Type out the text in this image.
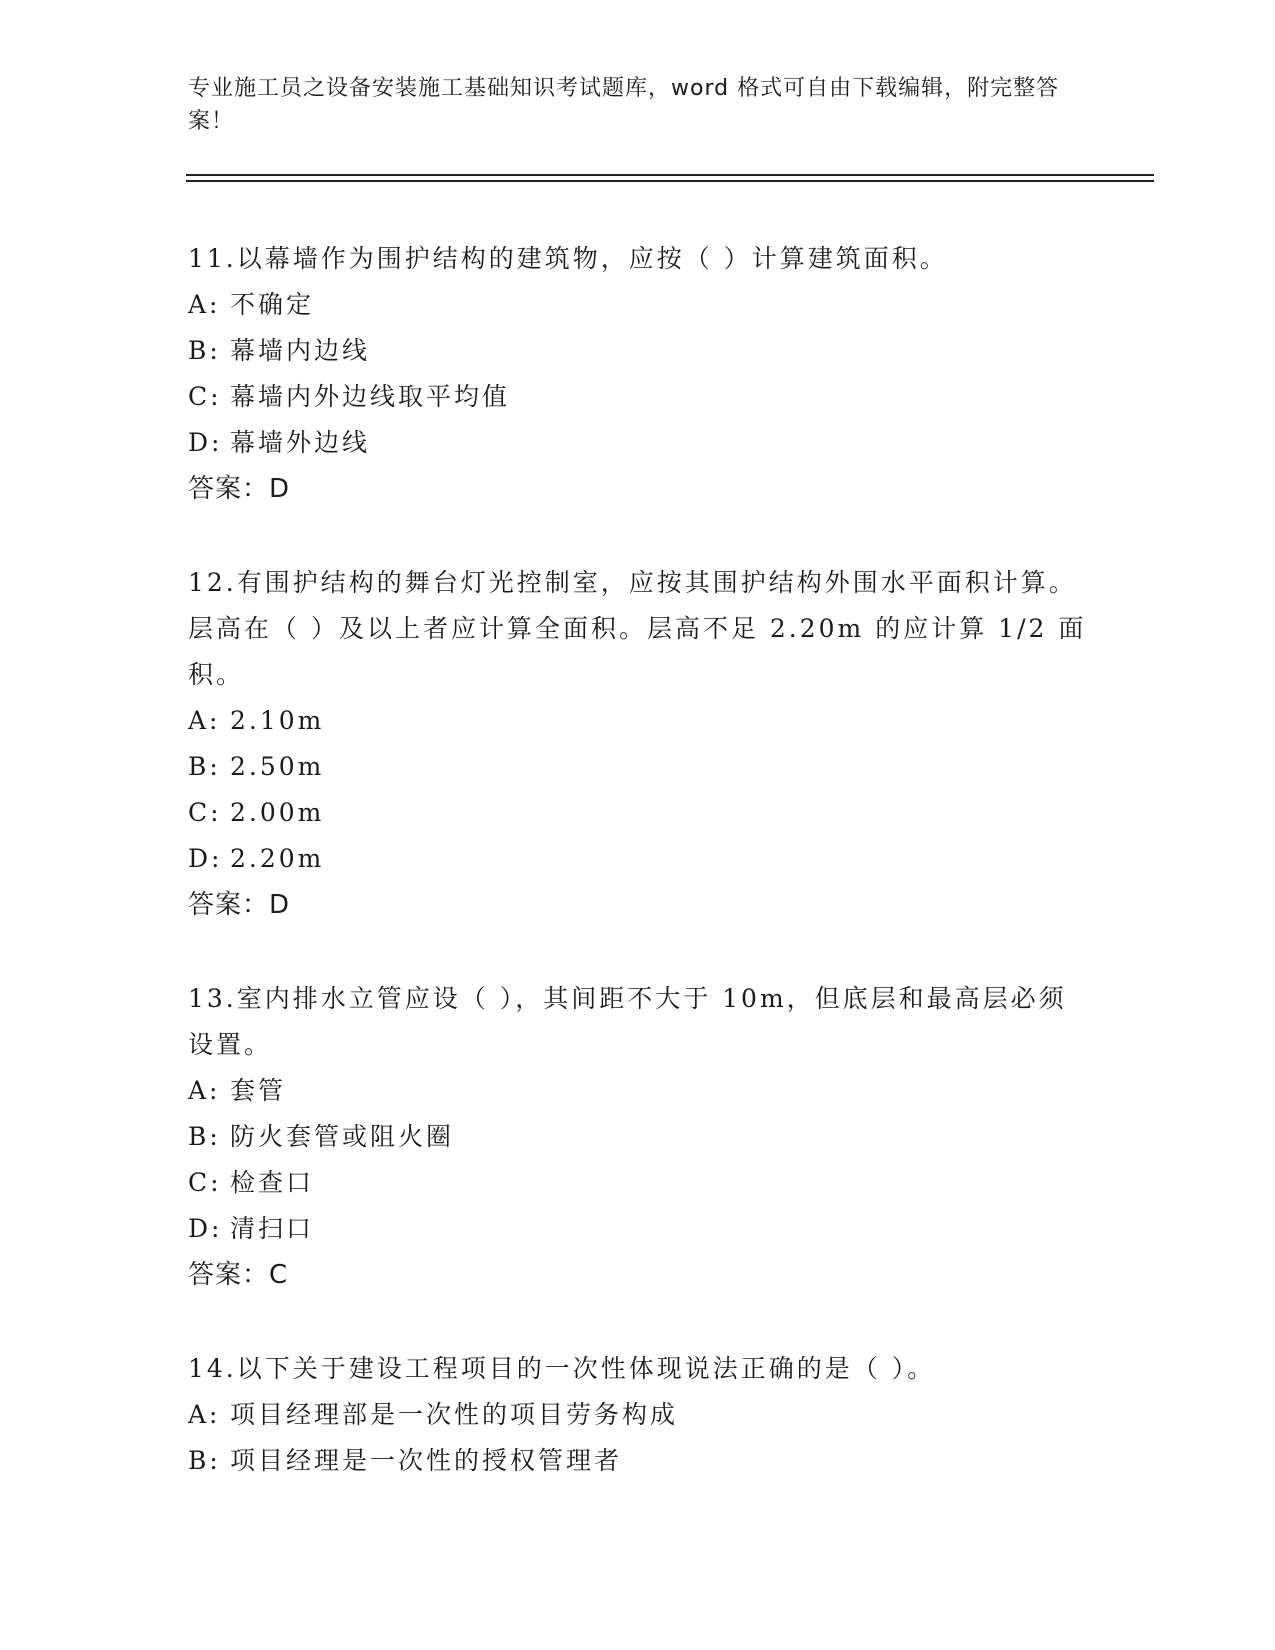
专业施工员之设备安装施工基础知识考试题库，word 格式可自由下载编辑，附完整答案！
11.以幕墙作为围护结构的建筑物，应按（ ）计算建筑面积。
A: 不确定
B: 幕墙内边线
C: 幕墙内外边线取平均值
D: 幕墙外边线
答案：D
12.有围护结构的舞台灯光控制室，应按其围护结构外围水平面积计算。层高在（ ）及以上者应计算全面积。层高不足 2.20m 的应计算 1/2 面积。
A: 2.10m
B: 2.50m
C: 2.00m
D: 2.20m
答案：D
13.室内排水立管应设（ ），其间距不大于 10m，但底层和最高层必须设置。
A: 套管
B: 防火套管或阻火圈
C: 检查口
D: 清扫口
答案：C
14.以下关于建设工程项目的一次性体现说法正确的是（ ）。
A: 项目经理部是一次性的项目劳务构成
B: 项目经理是一次性的授权管理者
